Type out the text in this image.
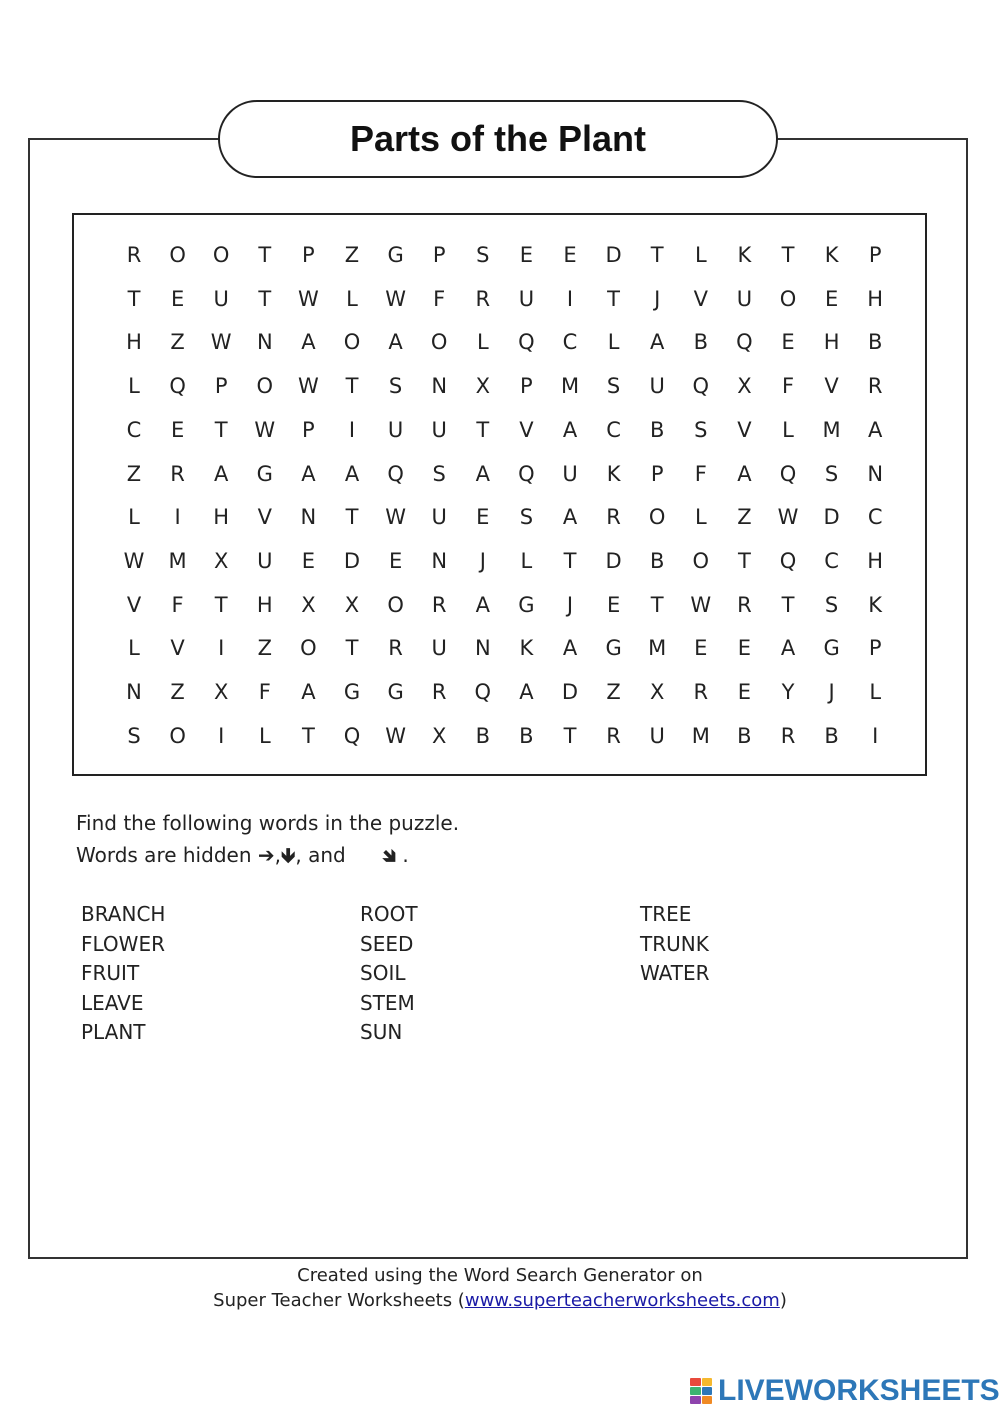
Parts of the Plant
R	O	O	T	P	Z	G	P	S	E	E	D	T	L	K	T	K	P
T	E	U	T	W	L	W	F	R	U	I	T	J	V	U	O	E	H
H	Z	W	N	A	O	A	O	L	Q	C	L	A	B	Q	E	H	B
L	Q	P	O	W	T	S	N	X	P	M	S	U	Q	X	F	V	R
C	E	T	W	P	I	U	U	T	V	A	C	B	S	V	L	M	A
Z	R	A	G	A	A	Q	S	A	Q	U	K	P	F	A	Q	S	N
L	I	H	V	N	T	W	U	E	S	A	R	O	L	Z	W	D	C
W M	X	U	E	D	E	N	J	L	T	D	B	O	T	Q	C	H
V	F	T	H	X	X	O	R	A	G	J	E	T	W	R	T	S	K
L	V	I	Z	O	T	R	U	N	K	A	G	M	E	E	A	G	P
N	Z	X	F	A	G	G	R	Q	A	D	Z	X	R	E	Y	J	L
S	O	I	L	T	Q	W	X	B	B	T	R	U	M	B	R	B	I
Find the following words in the puzzle.
Words are hidden ➔,🡻, and 🡾 .
BRANCH
FLOWER
FRUIT
LEAVE
PLANT
ROOT
SEED
SOIL
STEM
SUN
TREE
TRUNK
WATER
Created using the Word Search Generator on
Super Teacher Worksheets (www.superteacherworksheets.com)
LIVEWORKSHEETS
